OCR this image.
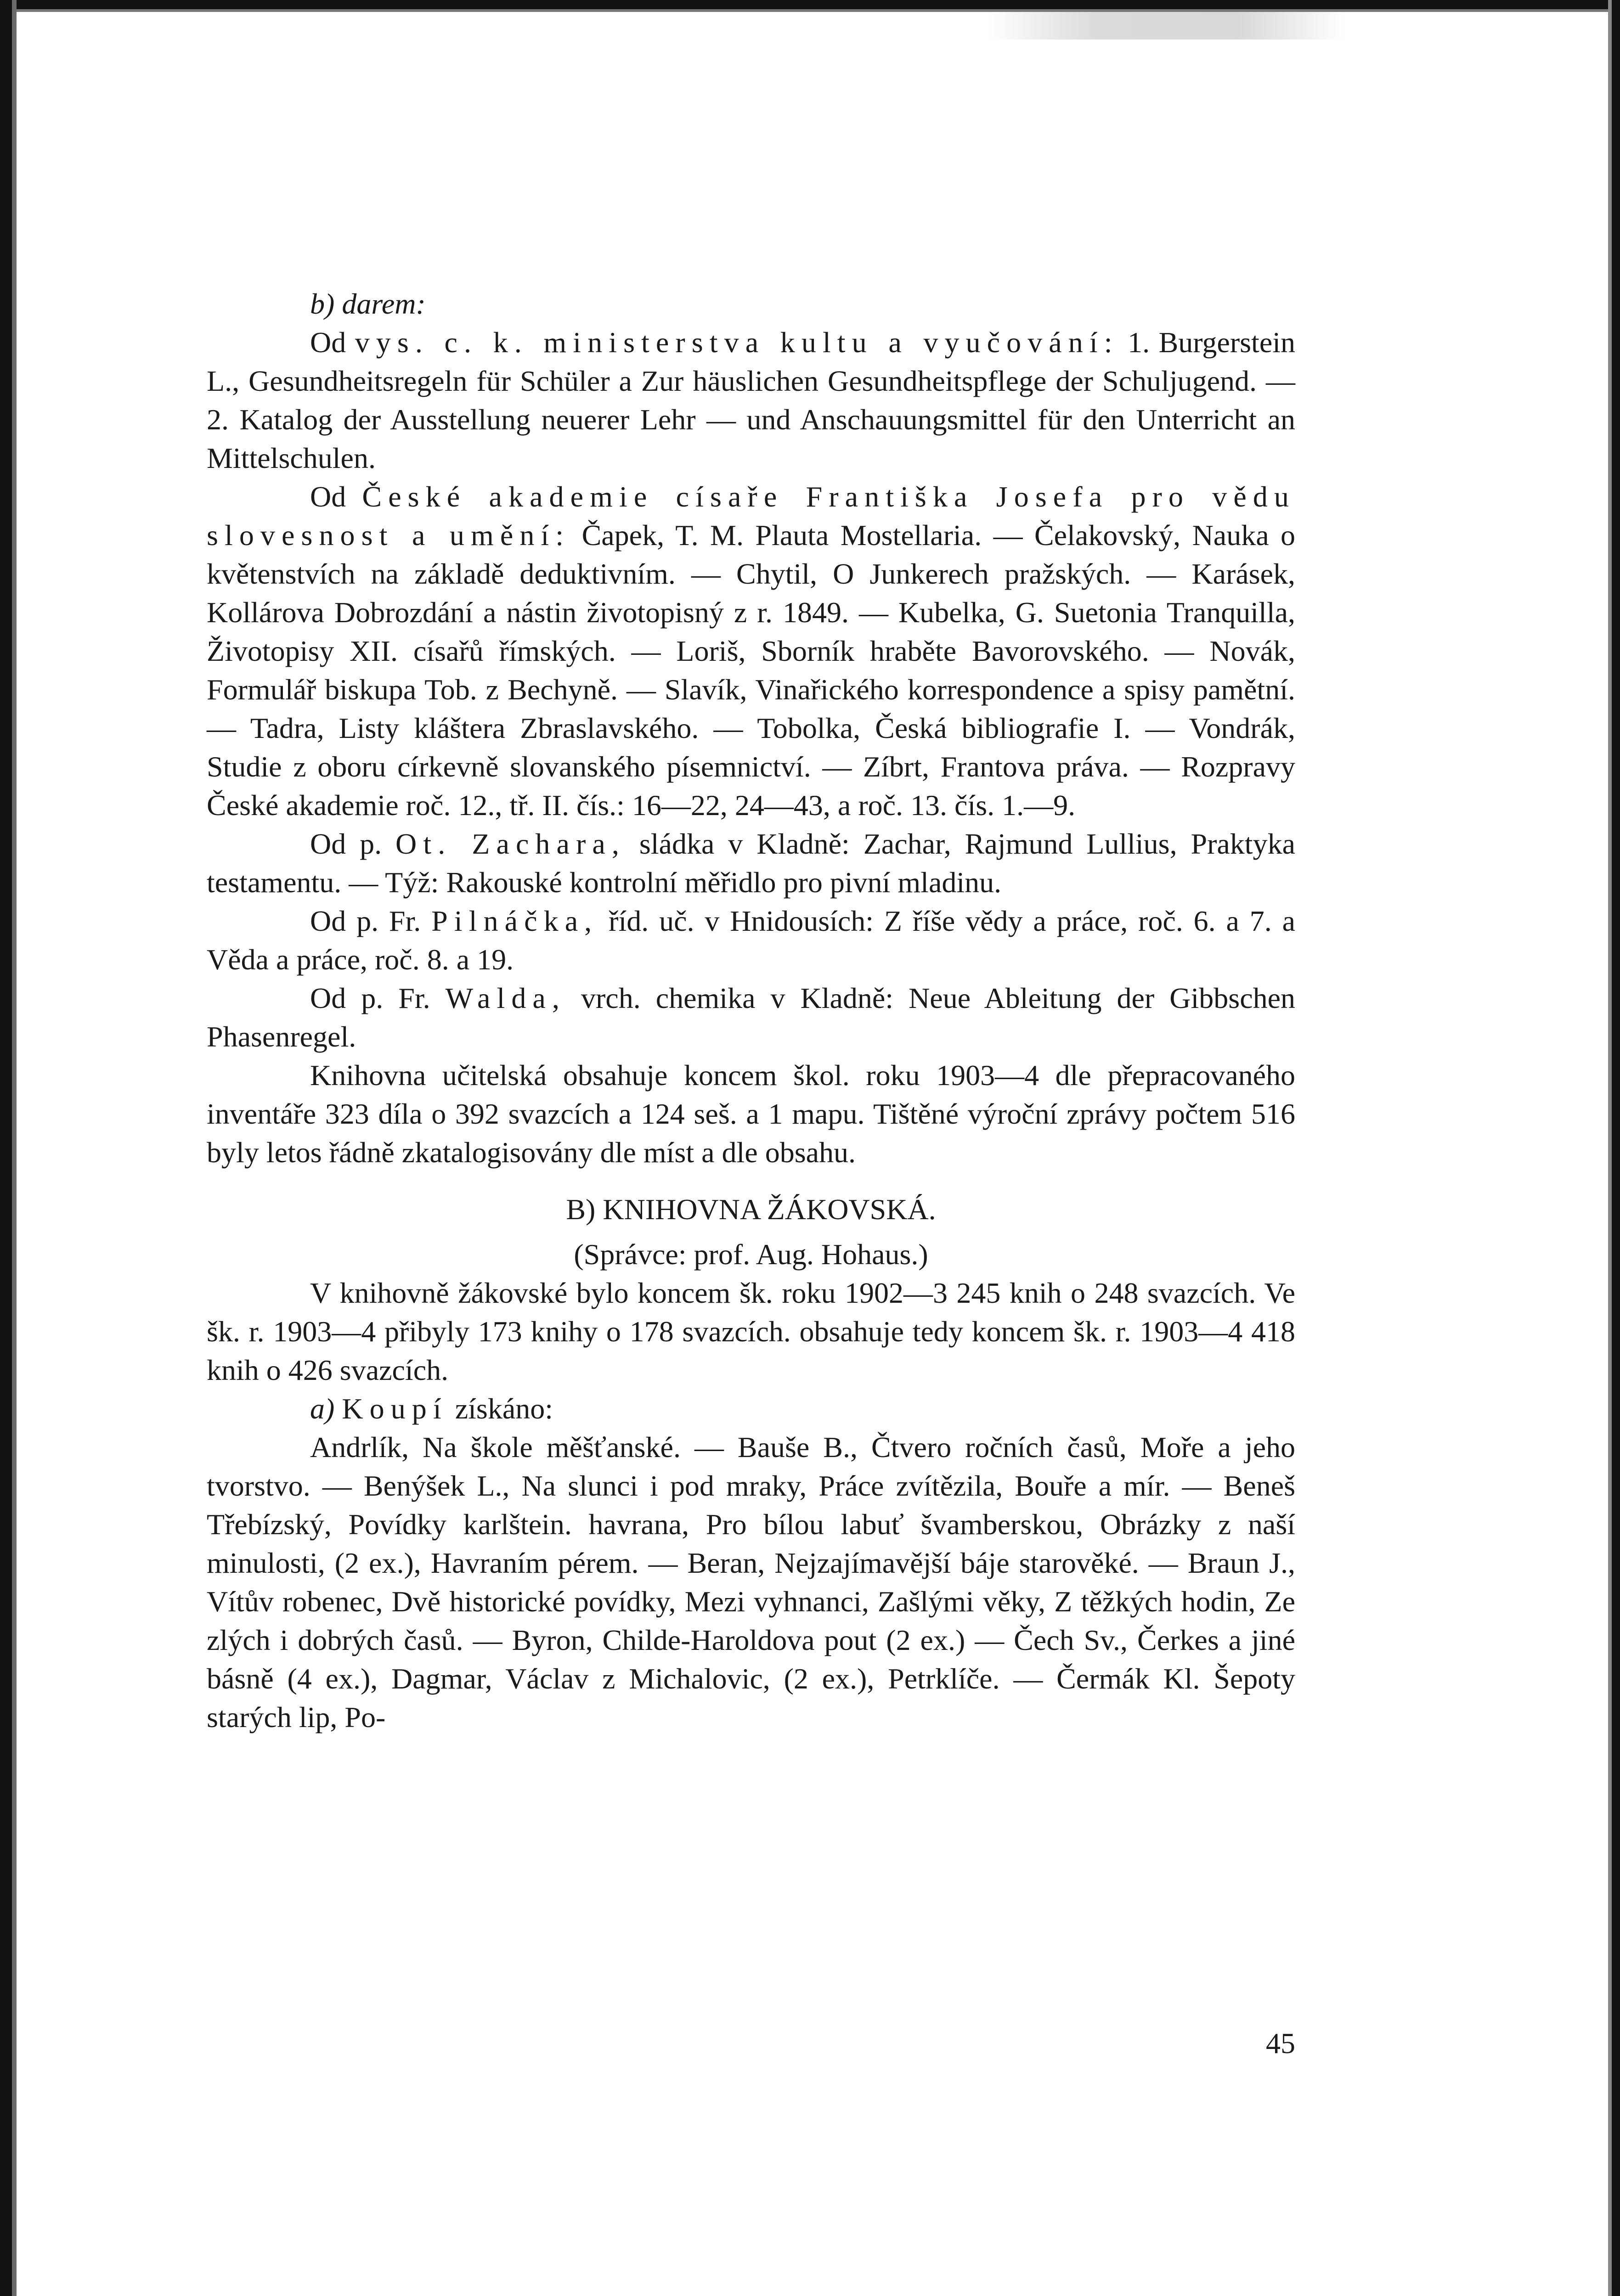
b) darem:

Od vys. c. k. ministerstva kultu a vyučování: 1. Burgerstein L., Gesundheitsregeln für Schüler a Zur häuslichen Gesundheitspflege der Schuljugend. — 2. Katalog der Ausstellung neuerer Lehr — und Anschauungsmittel für den Unterricht an Mittelschulen.

Od České akademie císaře Františka Josefa pro vědu slovesnost a umění: Čapek, T. M. Plauta Mostellaria. — Čelakovský, Nauka o květenstvích na základě deduktivním. — Chytil, O Junkerech pražských. — Karásek, Kollárova Dobrozdání a nástin životopisný z r. 1849. — Kubelka, G. Suetonia Tranquilla, Životopisy XII. císařů římských. — Loriš, Sborník hraběte Bavorovského. — Novák, Formulář biskupa Tob. z Bechyně. — Slavík, Vinařického korrespondence a spisy pamětní. — Tadra, Listy kláštera Zbraslavského. — Tobolka, Česká bibliografie I. — Vondrák, Studie z oboru církevně slovanského písemnictví. — Zíbrt, Frantova práva. — Rozpravy České akademie roč. 12., tř. II. čís.: 16—22, 24—43, a roč. 13. čís. 1.—9.

Od p. Ot. Zachara, sládka v Kladně: Zachar, Rajmund Lullius, Praktyka testamentu. — Týž: Rakouské kontrolní měřidlo pro pivní mladinu.

Od p. Fr. Pilnáčka, říd. uč. v Hnidousích: Z říše vědy a práce, roč. 6. a 7. a Věda a práce, roč. 8. a 19.

Od p. Fr. Walda, vrch. chemika v Kladně: Neue Ableitung der Gibbschen Phasenregel.

Knihovna učitelská obsahuje koncem škol. roku 1903—4 dle přepracovaného inventáře 323 díla o 392 svazcích a 124 seš. a 1 mapu. Tištěné výroční zprávy počtem 516 byly letos řádně zkatalogisovány dle míst a dle obsahu.

B) KNIHOVNA ŽÁKOVSKÁ.

(Správce: prof. Aug. Hohaus.)

V knihovně žákovské bylo koncem šk. roku 1902—3 245 knih o 248 svazcích. Ve šk. r. 1903—4 přibyly 173 knihy o 178 svazcích. obsahuje tedy koncem šk. r. 1903—4 418 knih o 426 svazcích.

a) Koupí získáno:

Andrlík, Na škole měšťanské. — Bauše B., Čtvero ročních časů, Moře a jeho tvorstvo. — Benýšek L., Na slunci i pod mraky, Práce zvítězila, Bouře a mír. — Beneš Třebízský, Povídky karlštein. havrana, Pro bílou labuť švamberskou, Obrázky z naší minulosti, (2 ex.), Havraním pérem. — Beran, Nejzajímavější báje starověké. — Braun J., Vítův robenec, Dvě historické povídky, Mezi vyhnanci, Zašlými věky, Z těžkých hodin, Ze zlých i dobrých časů. — Byron, Childe-Haroldova pout (2 ex.) — Čech Sv., Čerkes a jiné básně (4 ex.), Dagmar, Václav z Michalovic, (2 ex.), Petrklíče. — Čermák Kl. Šepoty starých lip, Po-

45
